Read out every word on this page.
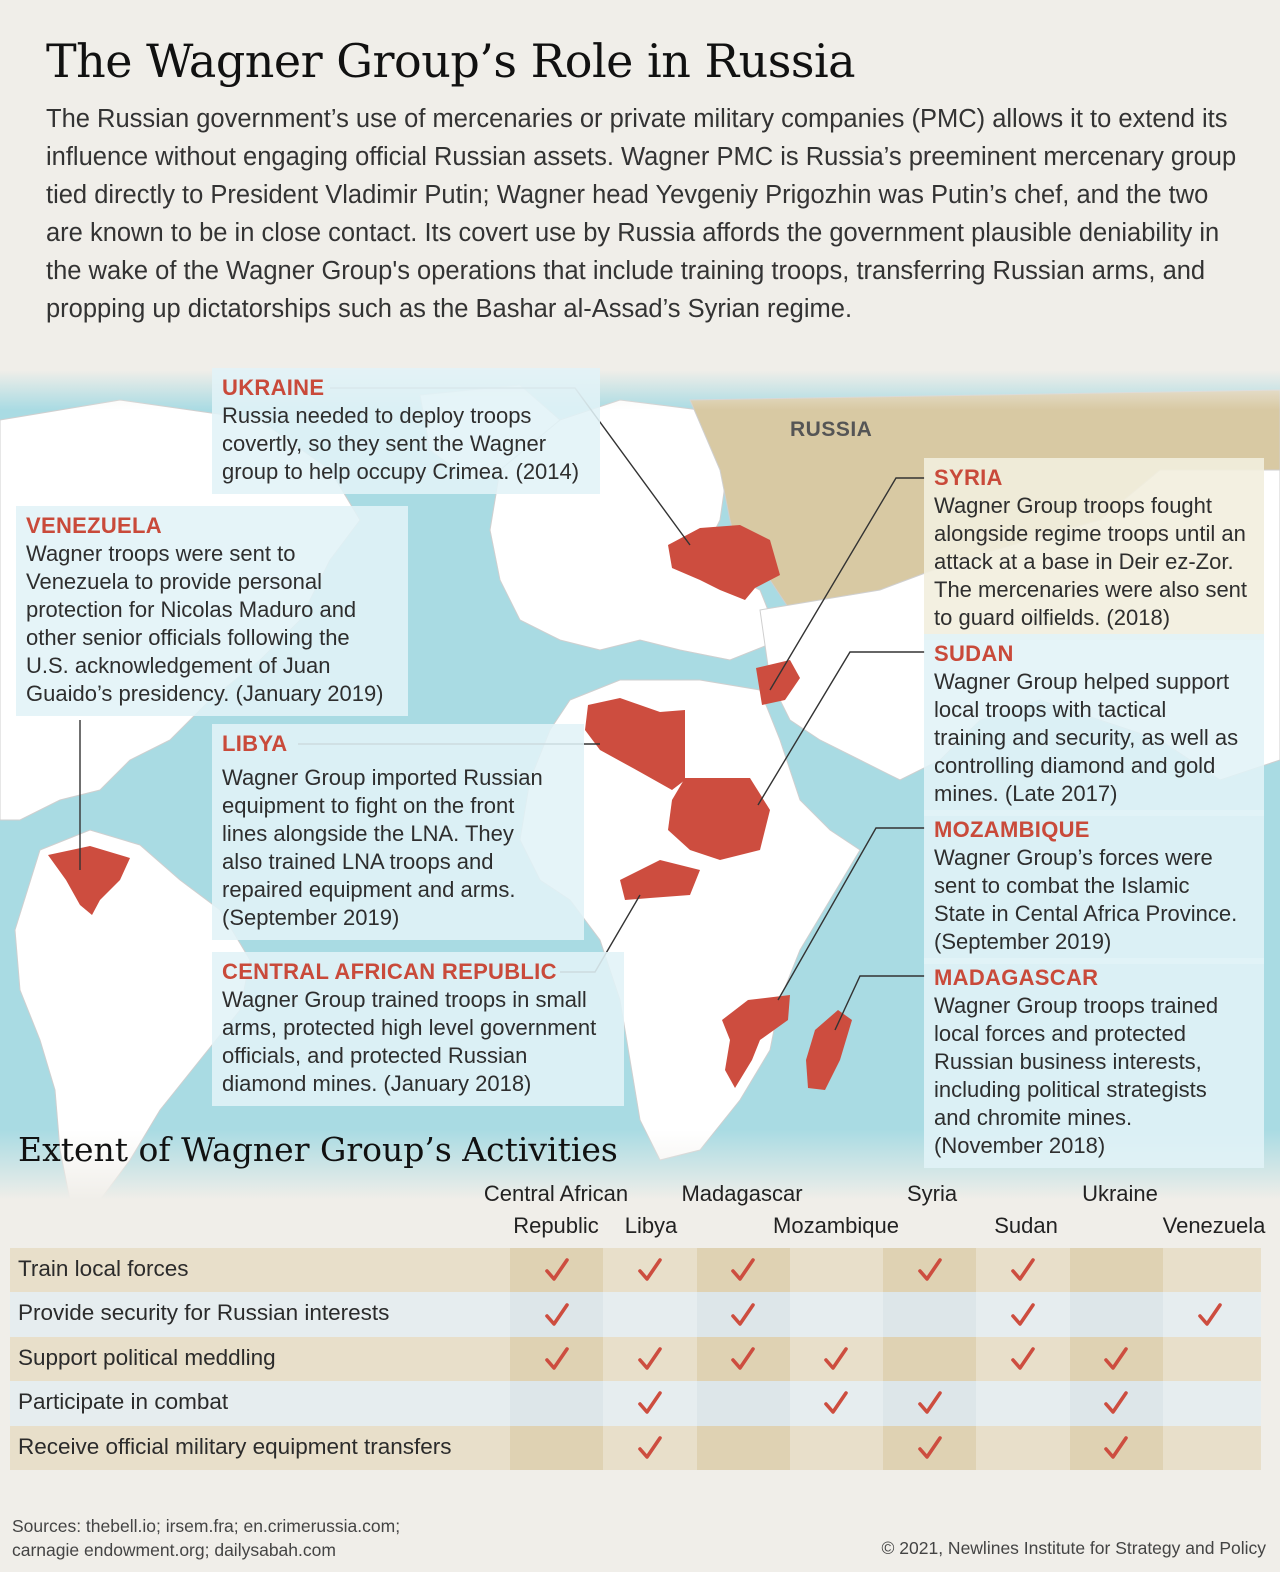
The Wagner Group’s Role in Russia

The Russian government’s use of mercenaries or private military companies (PMC) allows it to extend its influence without engaging official Russian assets. Wagner PMC is Russia’s preeminent mercenary group tied directly to President Vladimir Putin; Wagner head Yevgeniy Prigozhin was Putin’s chef, and the two are known to be in close contact. Its covert use by Russia affords the government plausible deniability in the wake of the Wagner Group's operations that include training troops, transferring Russian arms, and propping up dictatorships such as the Bashar al-Assad’s Syrian regime.

RUSSIA
UKRAINE
Russia needed to deploy troops
covertly, so they sent the Wagner
group to help occupy Crimea. (2014)
VENEZUELA
Wagner troops were sent to
Venezuela to provide personal
protection for Nicolas Maduro and
other senior officials following the
U.S. acknowledgement of Juan
Guaido’s presidency. (January 2019)
LIBYA
Wagner Group imported Russian
equipment to fight on the front
lines alongside the LNA. They
also trained LNA troops and
repaired equipment and arms.
(September 2019)
CENTRAL AFRICAN REPUBLIC
Wagner Group trained troops in small
arms, protected high level government
officials, and protected Russian
diamond mines. (January 2018)
SYRIA
Wagner Group troops fought
alongside regime troops until an
attack at a base in Deir ez-Zor.
The mercenaries were also sent
to guard oilfields. (2018)
SUDAN
Wagner Group helped support
local troops with tactical
training and security, as well as
controlling diamond and gold
mines. (Late 2017)
MOZAMBIQUE
Wagner Group’s forces were
sent to combat the Islamic
State in Cental Africa Province.
(September 2019)
MADAGASCAR
Wagner Group troops trained
local forces and protected
Russian business interests,
including political strategists
and chromite mines.
(November 2018)
Extent of Wagner Group’s Activities
Central African
Republic Libya
Madagascar
Mozambique
Syria
Sudan
Ukraine
Venezuela
Train local forces
Provide security for Russian interests
Support political meddling
Participate in combat
Receive official military equipment transfers

Sources: thebell.io; irsem.fra; en.crimerussia.com;
carnagie endowment.org; dailysabah.com	© 2021, Newlines Institute for Strategy and Policy
